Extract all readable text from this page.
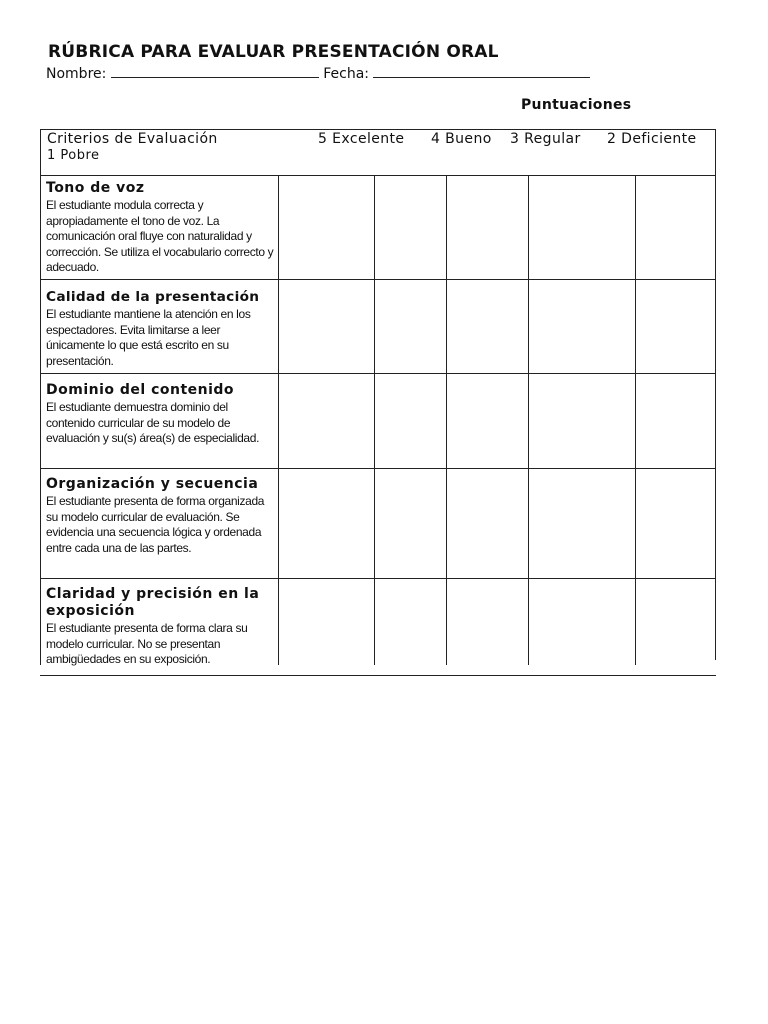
RÚBRICA PARA EVALUAR PRESENTACIÓN ORAL
Nombre:	Fecha:
Puntuaciones
Criterios de Evaluación
1 Pobre
5 Excelente 4 Bueno 3 Regular 2 Deficiente
Tono de voz
El estudiante modula correcta y apropiadamente el tono de voz. La comunicación oral fluye con naturalidad y corrección. Se utiliza el vocabulario correcto y adecuado.
Calidad de la presentación
El estudiante mantiene la atención en los espectadores. Evita limitarse a leer únicamente lo que está escrito en su presentación.
Dominio del contenido
El estudiante demuestra dominio del contenido curricular de su modelo de evaluación y su(s) área(s) de especialidad.
Organización y secuencia
El estudiante presenta de forma organizada su modelo curricular de evaluación. Se evidencia una secuencia lógica y ordenada entre cada una de las partes.
Claridad y precisión en la exposición
El estudiante presenta de forma clara su modelo curricular. No se presentan ambigüedades en su exposición.
